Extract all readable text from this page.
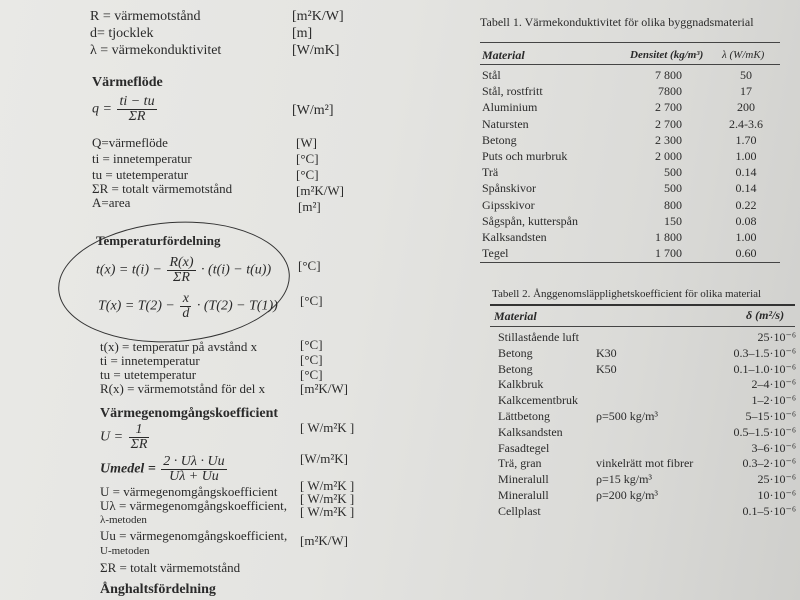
R = värmemotstånd	[m²K/W]
d= tjocklek	[m]
λ = värmekonduktivitet	[W/mK]
Värmeflöde
$q = \frac{ti - tu}{\Sigma R}$	[W/m²]
Q=värmeflöde	[W]
ti = innetemperatur	[°C]
tu = utetemperatur	[°C]
ΣR = totalt värmemotstånd	[m²K/W]
A=area	[m²]
Temperaturfördelning
$t(x) = t(i) - \frac{R(x)}{\Sigma R} \cdot (t(i) - t(u))$ [°C]
$T(x) = T(2) - \frac{x}{d} \cdot (T(2) - T(1))$ [°C]
t(x) = temperatur på avstånd x	[°C]
ti = innetemperatur	[°C]
tu = utetemperatur	[°C]
R(x) = värmemotstånd för del x	[m²K/W]
Värmegenomgångskoefficient
$U = \frac{1}{\Sigma R}$	[ W/m²K ]
Umedel = $\frac{2 \cdot U\lambda \cdot Uu}{U\lambda + Uu}$	[W/m²K]
U = värmegenomgångskoefficient [ W/m²K ]
Uλ = värmegenomgångskoefficient, [ W/m²K ]
λ-metoden
[ W/m²K ]
Uu = värmegenomgångskoefficient,
U-metoden
[m²K/W]
ΣR = totalt värmemotstånd
Ånghaltsfördelning
Tabell 1. Värmekonduktivitet för olika byggnadsmaterial
Material	Densitet (kg/m³) λ (W/mK)
Stål	7 800	50
Stål, rostfritt	7800	17
Aluminium	2 700	200
Natursten	2 700	2.4-3.6
Betong	2 300	1.70
Puts och murbruk	2 000	1.00
Trä	500	0.14
Spånskivor	500	0.14
Gipsskivor	800	0.22
Sågspån, kutterspån	150	0.08
Kalksandsten	1 800	1.00
Tegel	1 700	0.60
Tabell 2. Ånggenomsläpplighetskoefficient för olika material
Material	δ (m²/s)
Stillastående luft	25·10⁻⁶
Betong	K30	0.3–1.5·10⁻⁶
Betong	K50	0.1–1.0·10⁻⁶
Kalkbruk	2–4·10⁻⁶
Kalkcementbruk	1–2·10⁻⁶
Lättbetong	ρ=500 kg/m³	5–15·10⁻⁶
Kalksandsten	0.5–1.5·10⁻⁶
Fasadtegel	3–6·10⁻⁶
Trä, gran	vinkelrätt mot fibrer	0.3–2·10⁻⁶
Mineralull	ρ=15 kg/m³	25·10⁻⁶
Mineralull	ρ=200 kg/m³	10·10⁻⁶
Cellplast	0.1–5·10⁻⁶
